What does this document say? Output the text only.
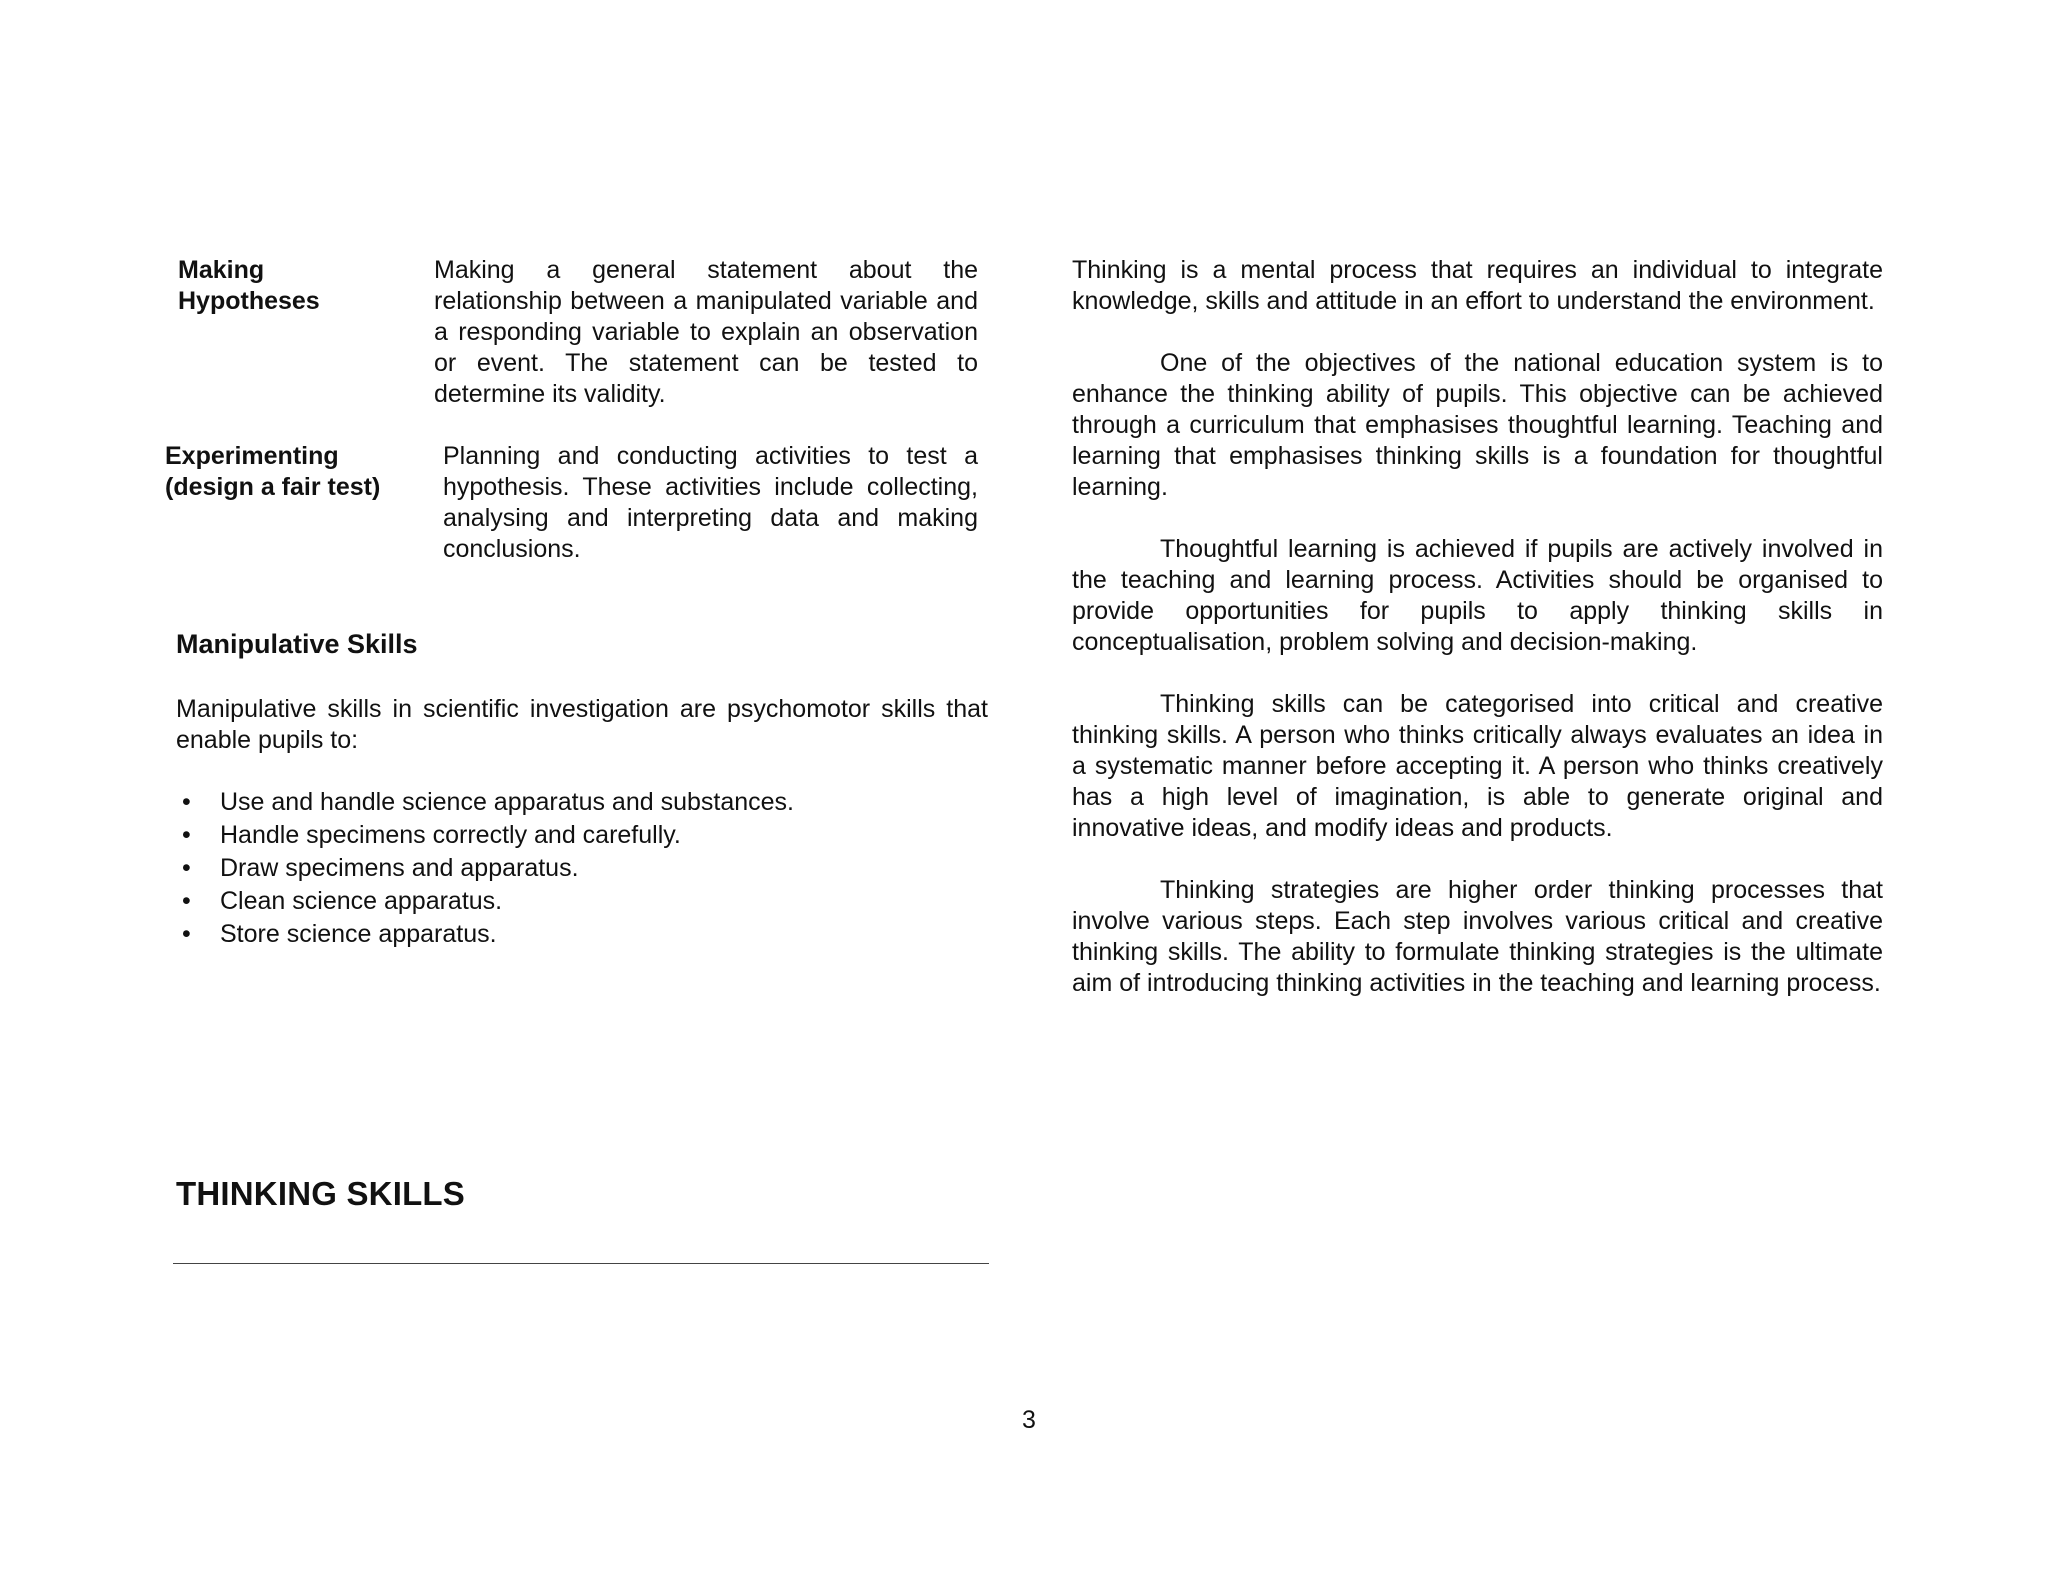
Making
Hypotheses
Making a general statement about the relationship between a manipulated variable and a responding variable to explain an observation or event. The statement can be tested to determine its validity.
Experimenting
(design a fair test)
Planning and conducting activities to test a hypothesis. These activities include collecting, analysing and interpreting data and making conclusions.
Manipulative Skills
Manipulative skills in scientific investigation are psychomotor skills that enable pupils to:
• Use and handle science apparatus and substances.
• Handle specimens correctly and carefully.
• Draw specimens and apparatus.
• Clean science apparatus.
• Store science apparatus.
THINKING SKILLS

Thinking is a mental process that requires an individual to integrate knowledge, skills and attitude in an effort to understand the environment.

One of the objectives of the national education system is to enhance the thinking ability of pupils. This objective can be achieved through a curriculum that emphasises thoughtful learning. Teaching and learning that emphasises thinking skills is a foundation for thoughtful learning.

Thoughtful learning is achieved if pupils are actively involved in the teaching and learning process. Activities should be organised to provide opportunities for pupils to apply thinking skills in conceptualisation, problem solving and decision-making.

Thinking skills can be categorised into critical and creative thinking skills. A person who thinks critically always evaluates an idea in a systematic manner before accepting it. A person who thinks creatively has a high level of imagination, is able to generate original and innovative ideas, and modify ideas and products.

Thinking strategies are higher order thinking processes that involve various steps. Each step involves various critical and creative thinking skills. The ability to formulate thinking strategies is the ultimate aim of introducing thinking activities in the teaching and learning process.

3
